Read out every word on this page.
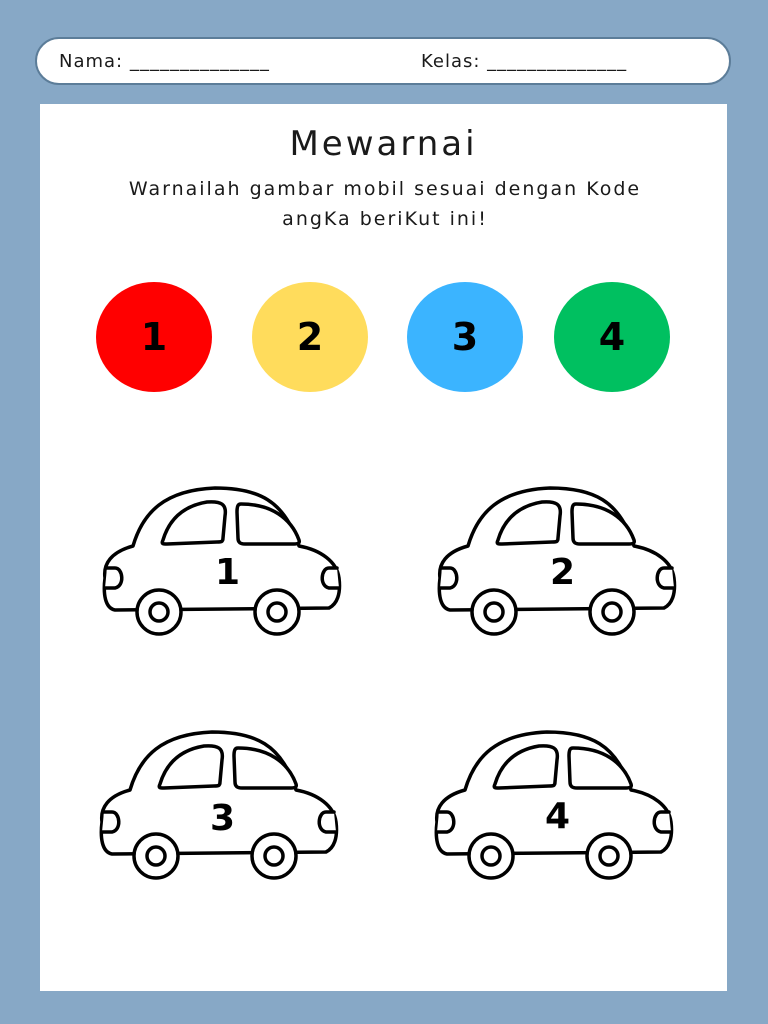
Nama: ______________	Kelas: ______________
Mewarnai
Warnailah gambar mobil sesuai dengan Kode
angKa beriKut ini!
1	2	3	4
1	2
3	4
